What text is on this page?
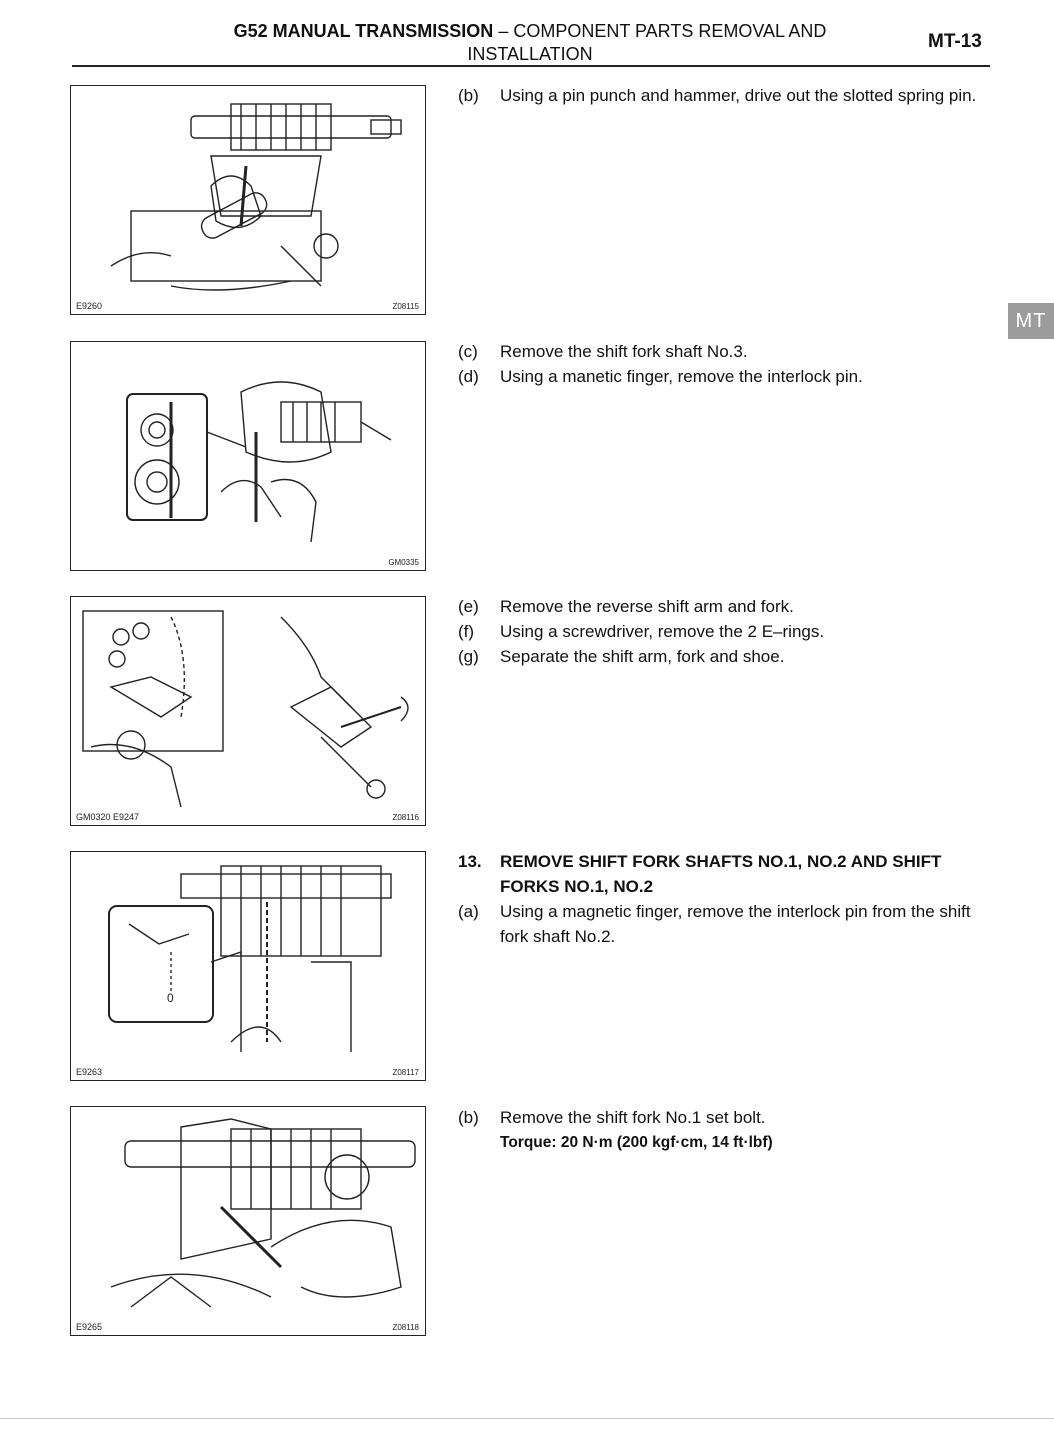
G52 MANUAL TRANSMISSION – COMPONENT PARTS REMOVAL AND
INSTALLATION
MT-13
MT
E9260	Z08115
GM0335
GM0320 E9247	Z08116
0
E9263	Z08117
E9265	Z08118
(b) Using a pin punch and hammer, drive out the slotted spring pin.
(c) Remove the shift fork shaft No.3.
(d) Using a manetic finger, remove the interlock pin.
(e) Remove the reverse shift arm and fork.
(f) Using a screwdriver, remove the 2 E–rings.
(g) Separate the shift arm, fork and shoe.
13. REMOVE SHIFT FORK SHAFTS NO.1, NO.2 AND SHIFT FORKS NO.1, NO.2
(a) Using a magnetic finger, remove the interlock pin from the shift fork shaft No.2.
(b) Remove the shift fork No.1 set bolt.
Torque: 20 N·m (200 kgf·cm, 14 ft·lbf)
